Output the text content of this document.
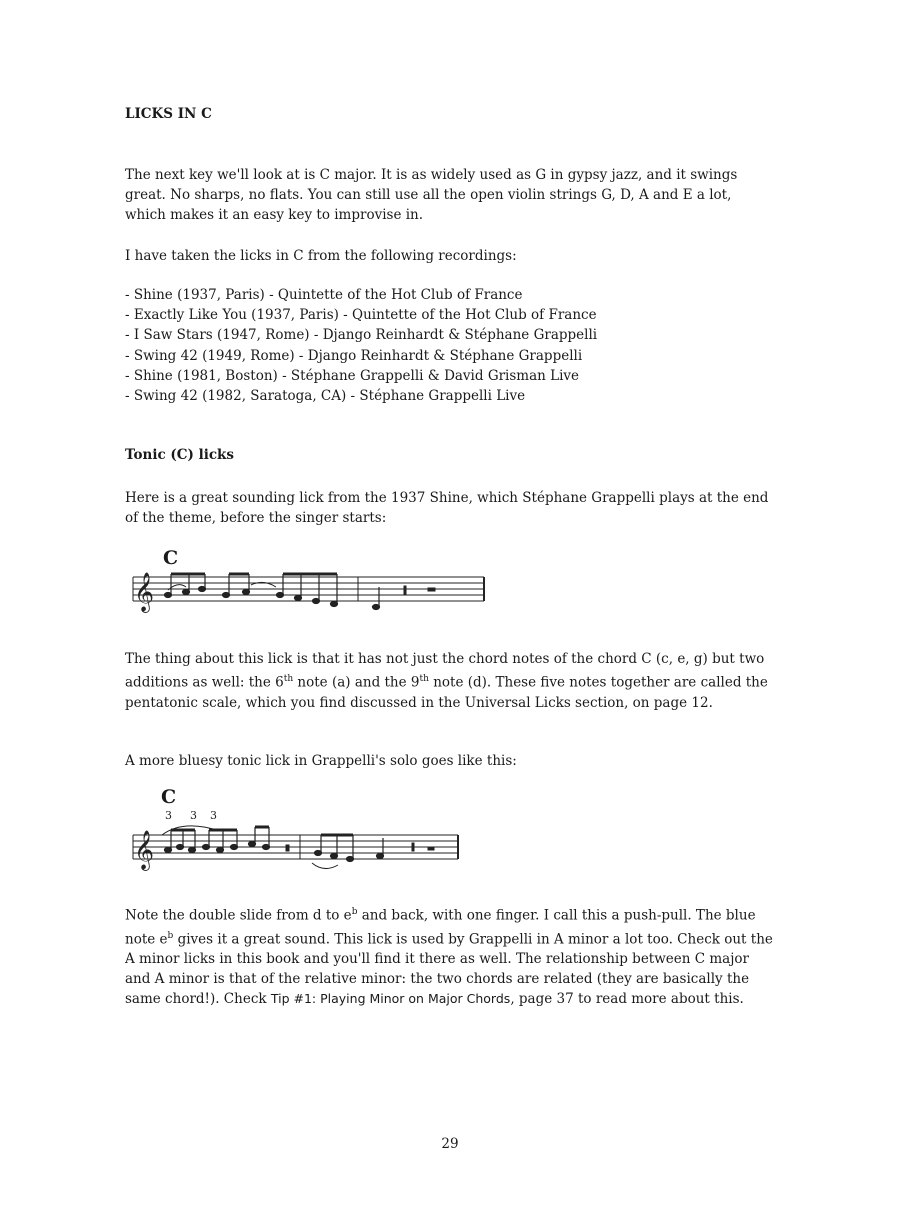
LICKS IN C
The next key we'll look at is C major. It is as widely used as G in gypsy jazz, and it swings great. No sharps, no flats. You can still use all the open violin strings G, D, A and E a lot, which makes it an easy key to improvise in.
I have taken the licks in C from the following recordings:
- Shine (1937, Paris) - Quintette of the Hot Club of France
- Exactly Like You (1937, Paris) - Quintette of the Hot Club of France
- I Saw Stars (1947, Rome) - Django Reinhardt & Stéphane Grappelli
- Swing 42 (1949, Rome) - Django Reinhardt & Stéphane Grappelli
- Shine (1981, Boston) - Stéphane Grappelli & David Grisman Live
- Swing 42 (1982, Saratoga, CA) - Stéphane Grappelli Live
Tonic (C) licks
Here is a great sounding lick from the 1937 Shine, which Stéphane Grappelli plays at the end of the theme, before the singer starts:
C
𝄞
The thing about this lick is that it has not just the chord notes of the chord C (c, e, g) but two additions as well: the 6th note (a) and the 9th note (d). These five notes together are called the pentatonic scale, which you find discussed in the Universal Licks section, on page 12.
A more bluesy tonic lick in Grappelli's solo goes like this:
C
3 3 3
𝄞
Note the double slide from d to $e^b$ and back, with one finger. I call this a push-pull. The blue note $e^b$ gives it a great sound. This lick is used by Grappelli in A minor a lot too. Check out the A minor licks in this book and you'll find it there as well. The relationship between C major and A minor is that of the relative minor: the two chords are related (they are basically the same chord!). Check Tip #1: Playing Minor on Major Chords, page 37 to read more about this.
29
